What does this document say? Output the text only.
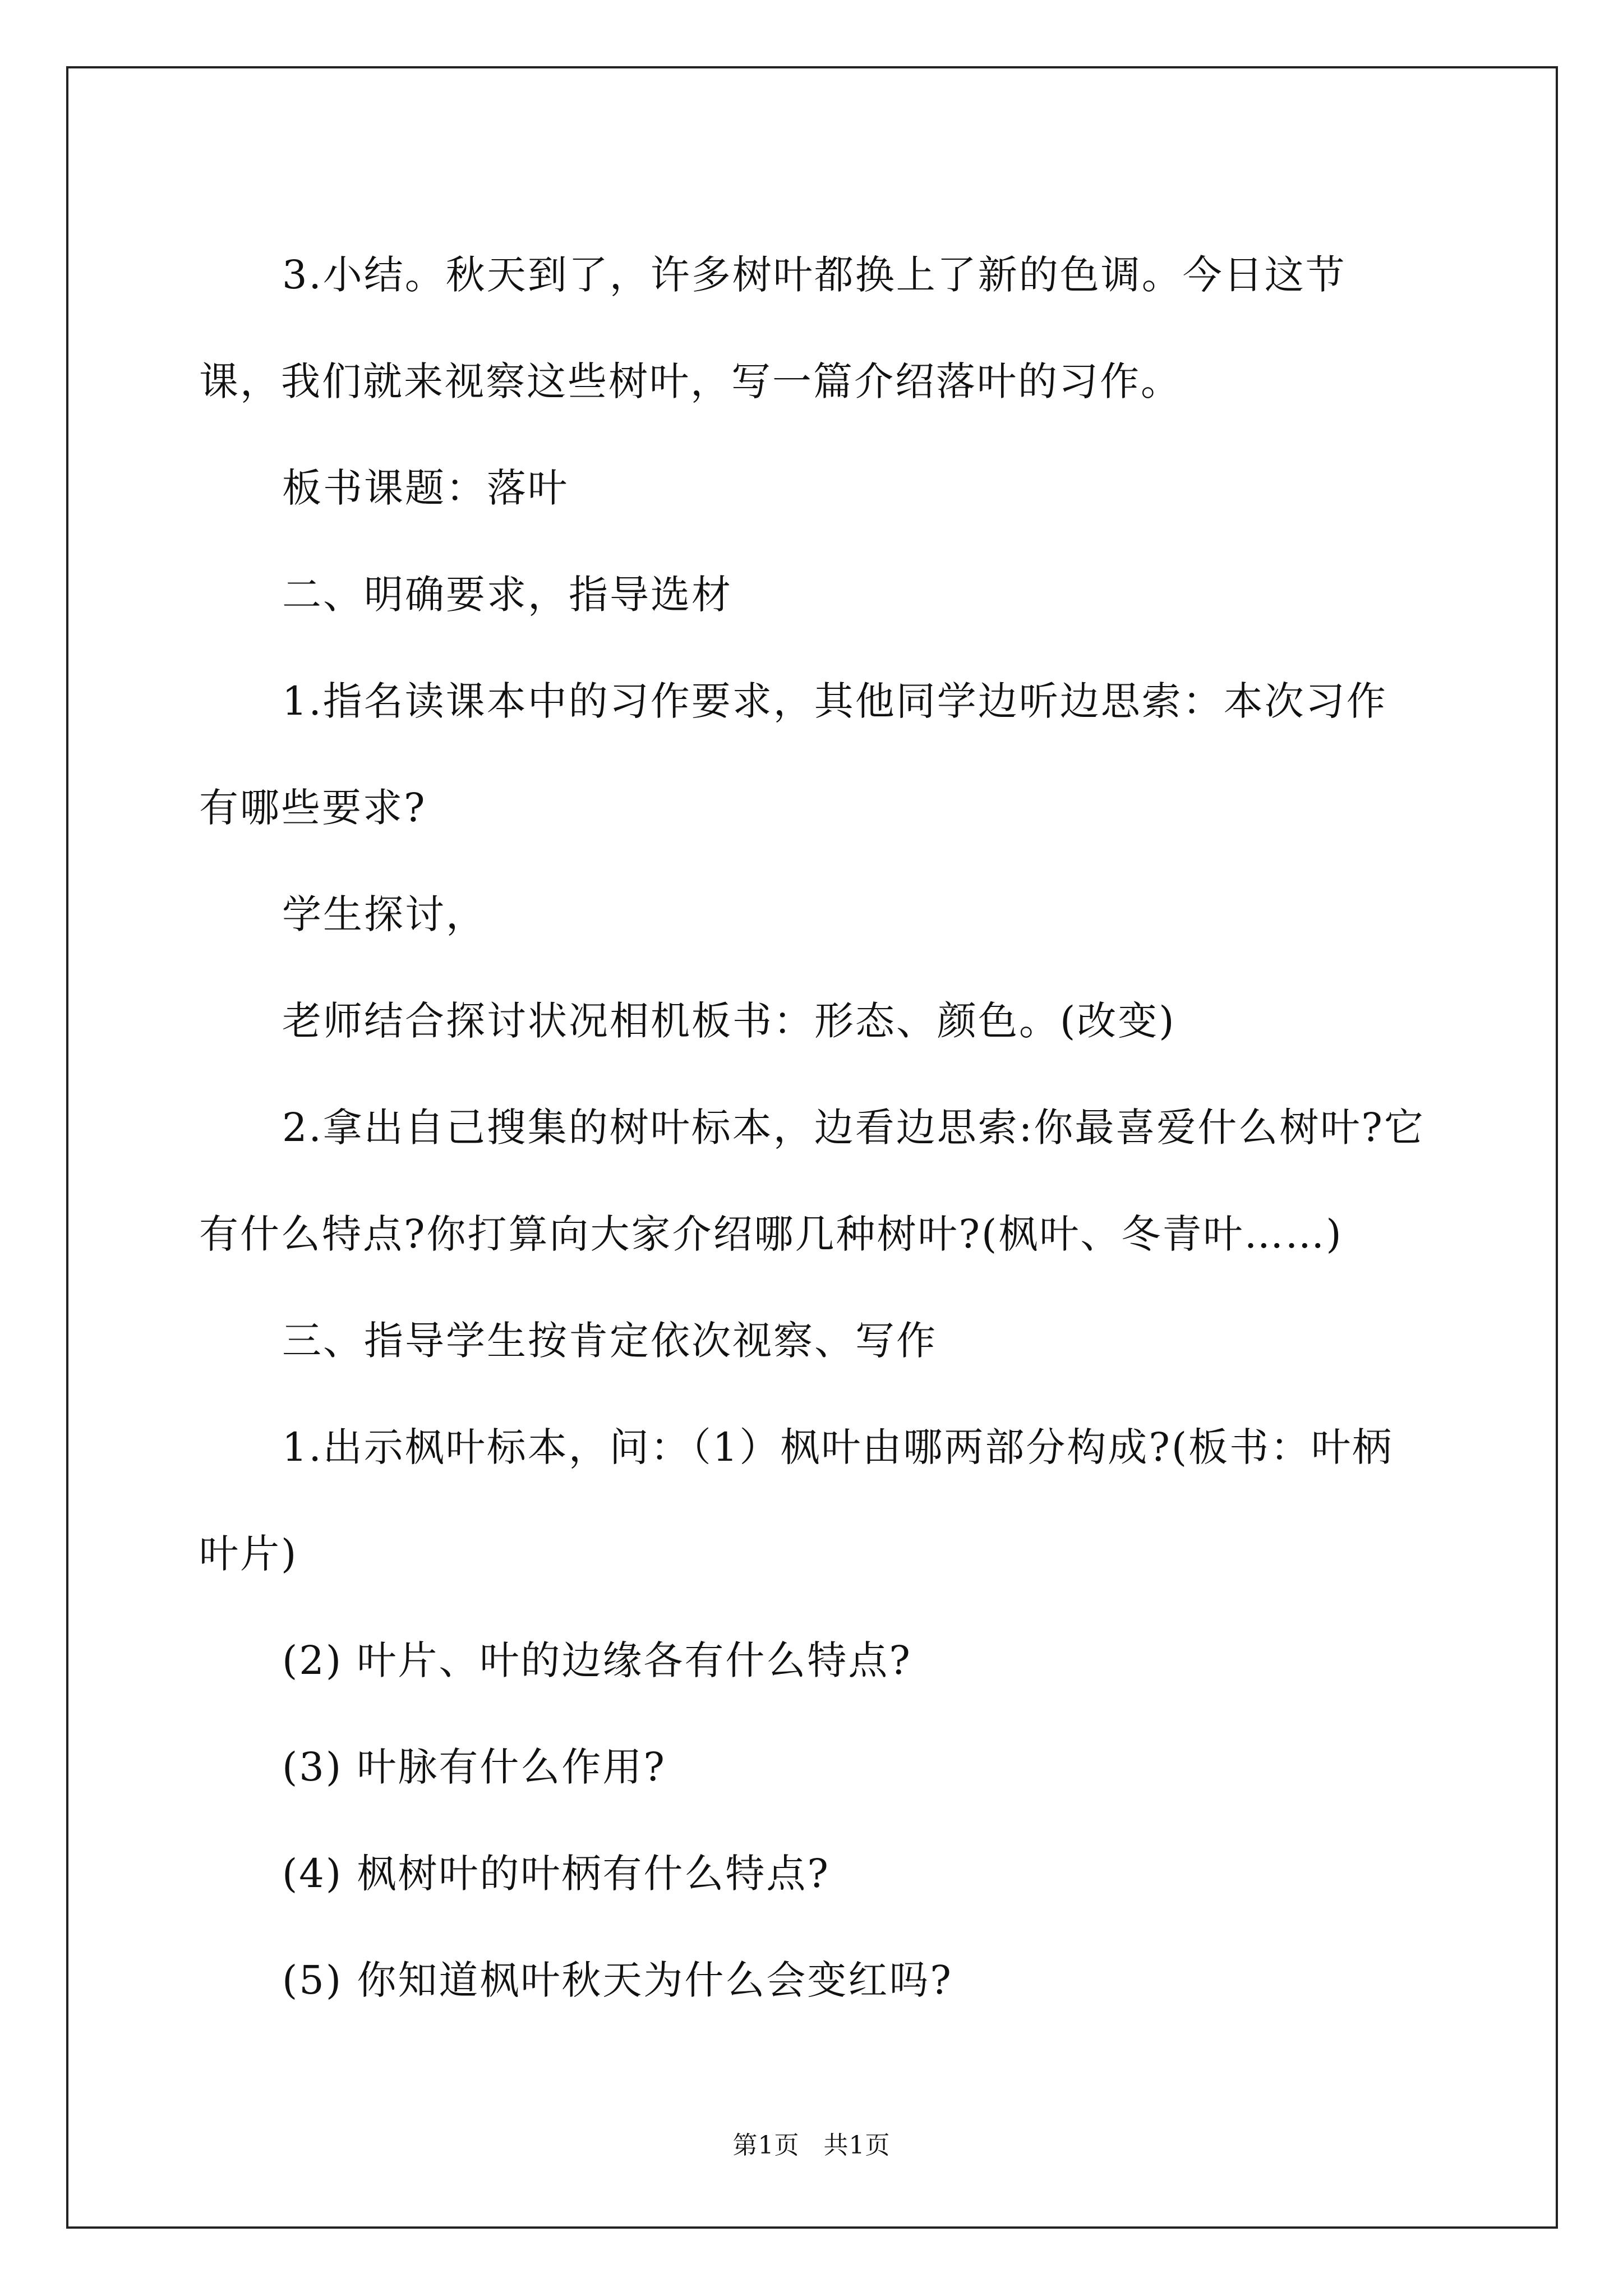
3.小结。秋天到了，许多树叶都换上了新的色调。今日这节课，我们就来视察这些树叶，写一篇介绍落叶的习作。

板书课题：落叶

二、明确要求，指导选材

1.指名读课本中的习作要求，其他同学边听边思索：本次习作有哪些要求?

学生探讨，

老师结合探讨状况相机板书：形态、颜色。(改变)

2.拿出自己搜集的树叶标本，边看边思索:你最喜爱什么树叶?它有什么特点?你打算向大家介绍哪几种树叶?(枫叶、冬青叶……)

三、指导学生按肯定依次视察、写作

1.出示枫叶标本，问：（1）枫叶由哪两部分构成?(板书：叶柄叶片)

(2) 叶片、叶的边缘各有什么特点?

(3) 叶脉有什么作用?

(4) 枫树叶的叶柄有什么特点?

(5) 你知道枫叶秋天为什么会变红吗?

第1页 共1页
